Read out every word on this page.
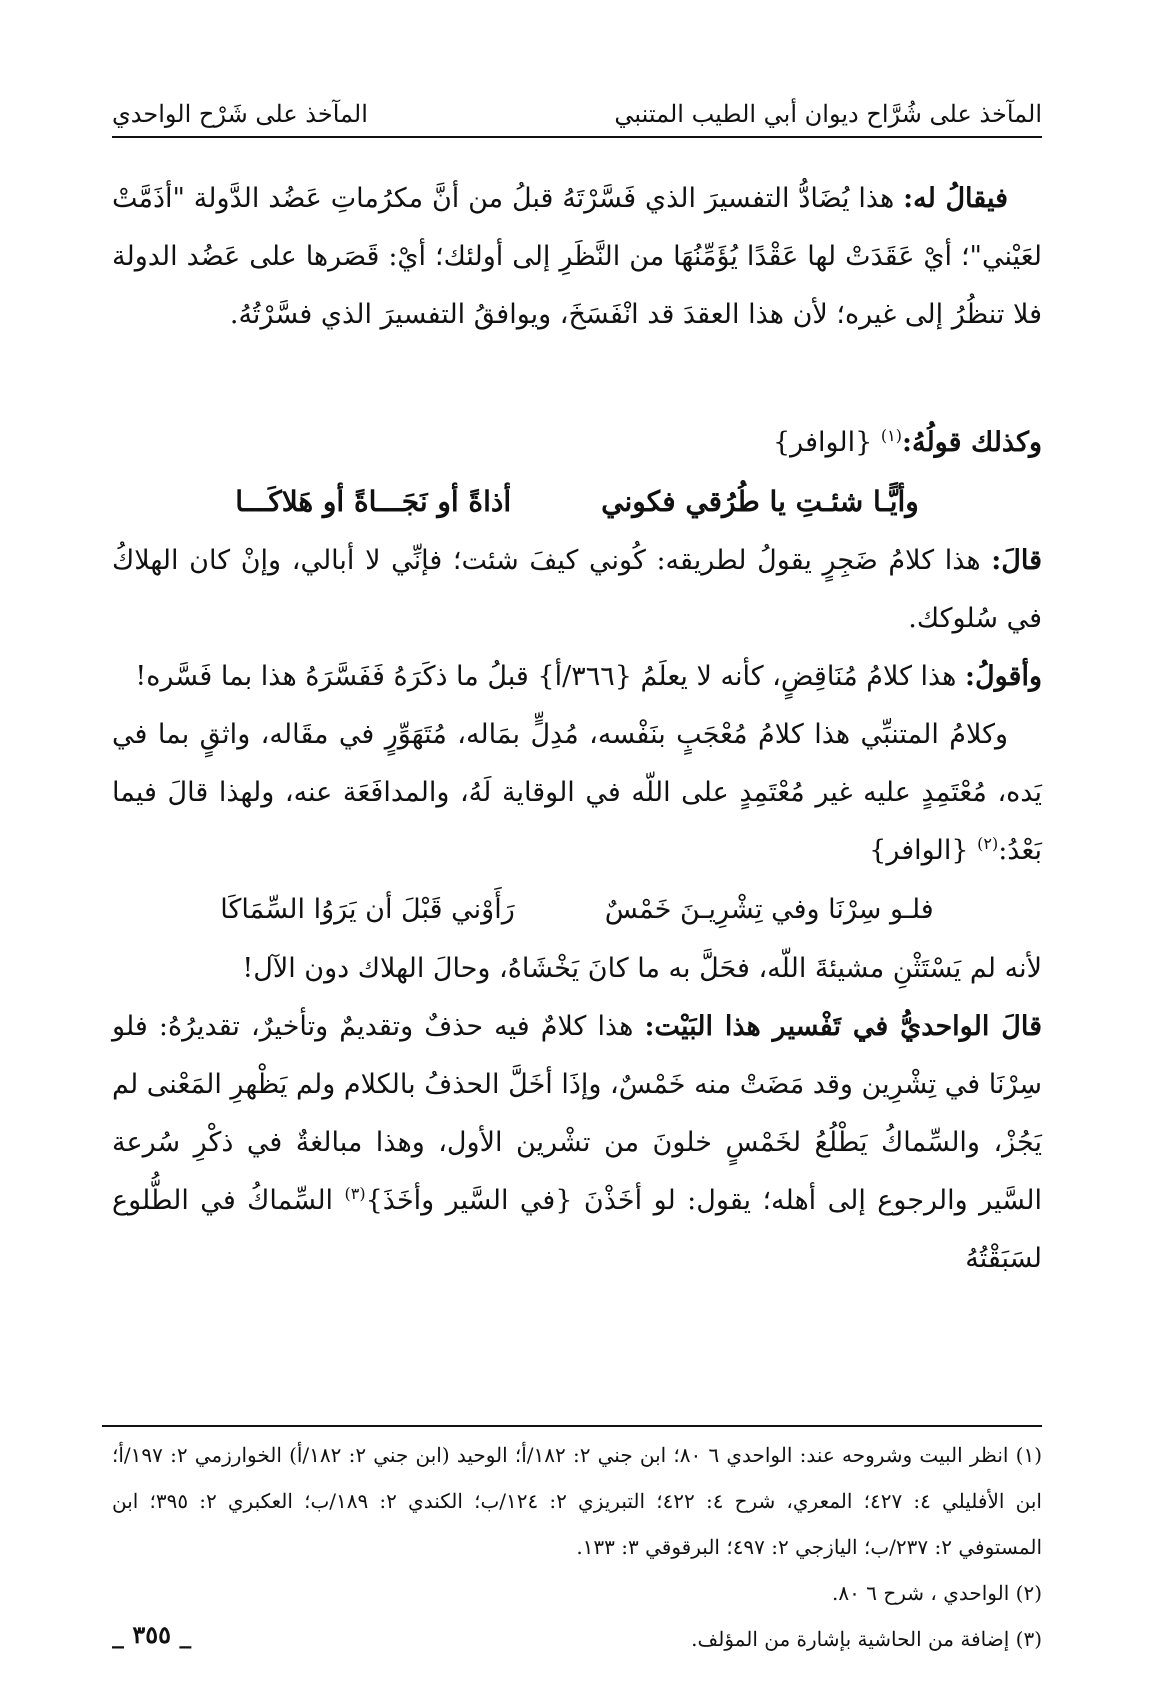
المآخذ على شُرَّاح ديوان أبي الطيب المتنبي
المآخذ على شَرْح الواحدي

فيقالُ له: هذا يُضَادُّ التفسيرَ الذي فَسَّرْتَهُ قبلُ من أنَّ مكرُماتِ عَضُد الدَّولة "أذَمَّتْ لعَيْني"؛ أيْ عَقَدَتْ لها عَقْدًا يُؤَمِّنُهَا من النَّظَرِ إلى أولئك؛ أيْ: قَصَرها على عَضُد الدولة فلا تنظُرُ إلى غيره؛ لأن هذا العقدَ قد انْفَسَخَ، ويوافقُ التفسيرَ الذي فسَّرْتُهُ.

وكذلك قولُهُ:$^{(١)}$ {الوافر}

وأيًّـا شئـتِ يا طُرُقي فكوني
أذاةً أو نَجَـــاةً أو هَلاكَـــا

قالَ: هذا كلامُ ضَجِرٍ يقولُ لطريقه: كُوني كيفَ شئت؛ فإنِّي لا أبالي، وإنْ كان الهلاكُ في سُلوكك.

وأقولُ: هذا كلامُ مُنَاقِضٍ، كأنه لا يعلَمُ {٣٦٦/أ} قبلُ ما ذكَرَهُ فَفَسَّرَهُ هذا بما فَسَّره!

وكلامُ المتنبِّي هذا كلامُ مُعْجَبٍ بنَفْسه، مُدِلٍّ بمَاله، مُتَهَوِّرٍ في مقَاله، واثقٍ بما في يَده، مُعْتَمِدٍ عليه غير مُعْتَمِدٍ على اللّه في الوقاية لَهُ، والمدافَعَة عنه، ولهذا قالَ فيما بَعْدُ:$^{(٢)}$ {الوافر}

فلـو سِرْنَا وفي تِشْرِيـنَ خَمْسٌ
رَأَوْني قَبْلَ أن يَرَوُا السِّمَاكَا

لأنه لم يَسْتَثْنِ مشيئةَ اللّه، فحَلَّ به ما كانَ يَخْشَاهُ، وحالَ الهلاك دون الآل!

قالَ الواحديُّ في تَفْسير هذا البَيْت: هذا كلامٌ فيه حذفٌ وتقديمٌ وتأخيرٌ، تقديرُهُ: فلو سِرْنَا في تِشْرِين وقد مَضَتْ منه خَمْسٌ، وإذَا أخَلَّ الحذفُ بالكلام ولم يَظْهرِ المَعْنى لم يَجُزْ، والسِّماكُ يَطْلُعُ لخَمْسٍ خلونَ من تشْرين الأول، وهذا مبالغةٌ في ذكْرِ سُرعة السَّير والرجوع إلى أهله؛ يقول: لو أخَذْنَ {في السَّير وأخَذَ}$^{(٣)}$ السِّماكُ في الطُّلوع لسَبَقْتُهُ

(١) انظر البيت وشروحه عند: الواحدي ٦ ٨٠؛ ابن جني ٢: ١٨٢/أ؛ الوحيد (ابن جني ٢: ١٨٢/أ) الخوارزمي ٢: ١٩٧/أ؛ ابن الأفليلي ٤: ٤٢٧؛ المعري، شرح ٤: ٤٢٢؛ التبريزي ٢: ١٢٤/ب؛ الكندي ٢: ١٨٩/ب؛ العكبري ٢: ٣٩٥؛ ابن المستوفي ٢: ٢٣٧/ب؛ اليازجي ٢: ٤٩٧؛ البرقوقي ٣: ١٣٣.

(٢) الواحدي ، شرح ٦ ٨٠.

(٣) إضافة من الحاشية بإشارة من المؤلف.

_ ٣٥٥ _
